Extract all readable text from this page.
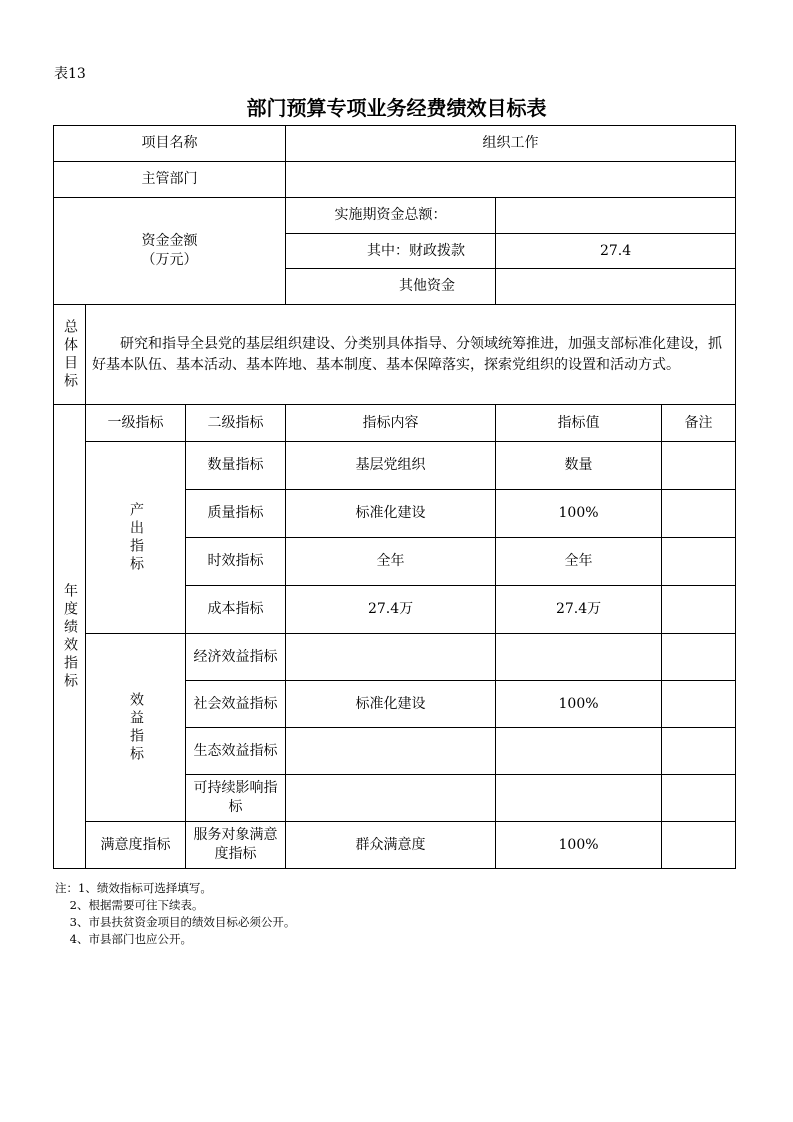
表13
部门预算专项业务经费绩效目标表
项目名称			组织工作		
主管部门					

资金金额
（万元）			实施期资金总额：		
			其中：财政拨款	27.4	
			其他资金		

总体目标	研究和指导全县党的基层组织建设、分类别具体指导、分领域统筹推进，加强支部标准化建设，抓好基本队伍、基本活动、基本阵地、基本制度、基本保障落实，探索党组织的设置和活动方式。				

年度绩效指标	一级指标	二级指标	指标内容	指标值	备注

	产出指标	数量指标	基层党组织	数量	
		质量指标	标准化建设	100%	
		时效指标	全年	全年	
		成本指标	27.4万	27.4万	

	效益指标	经济效益指标			
		社会效益指标	标准化建设	100%	
		生态效益指标			
		可持续影响指标			
	满意度指标	服务对象满意度指标	群众满意度	100%	
注：1、绩效指标可选择填写。
2、根据需要可往下续表。
3、市县扶贫资金项目的绩效目标必须公开。
4、市县部门也应公开。
